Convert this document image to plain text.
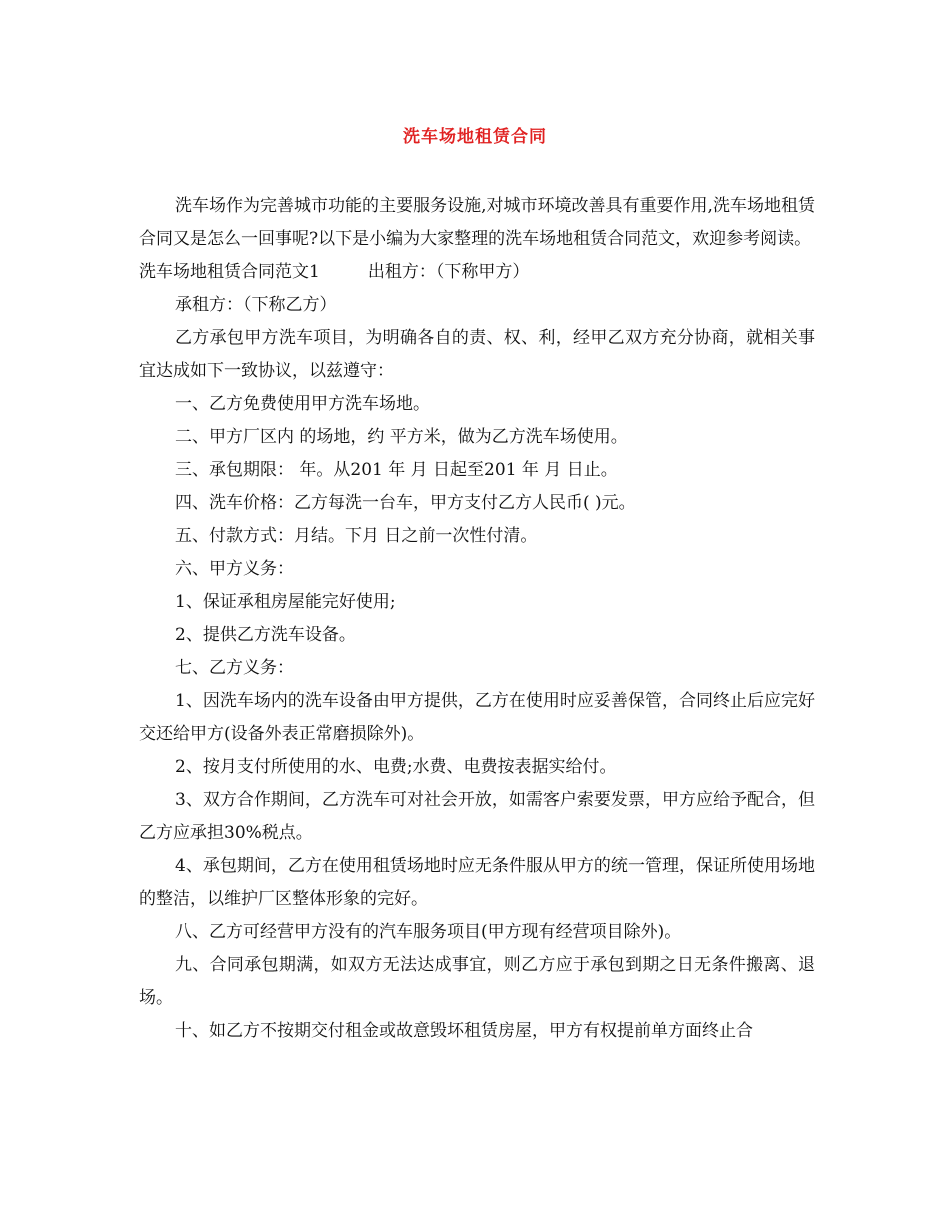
洗车场地租赁合同

洗车场作为完善城市功能的主要服务设施,对城市环境改善具有重要作用,洗车场地租赁合同又是怎么一回事呢?以下是小编为大家整理的洗车场地租赁合同范文，欢迎参考阅读。

洗车场地租赁合同范文1	出租方：（下称甲方）

承租方：（下称乙方）

乙方承包甲方洗车项目，为明确各自的责、权、利，经甲乙双方充分协商，就相关事宜达成如下一致协议，以兹遵守：

一、乙方免费使用甲方洗车场地。

二、甲方厂区内 的场地，约 平方米，做为乙方洗车场使用。

三、承包期限： 年。从201 年 月 日起至201 年 月 日止。

四、洗车价格：乙方每洗一台车，甲方支付乙方人民币( )元。

五、付款方式：月结。下月 日之前一次性付清。

六、甲方义务：

1、保证承租房屋能完好使用;

2、提供乙方洗车设备。

七、乙方义务：

1、因洗车场内的洗车设备由甲方提供，乙方在使用时应妥善保管，合同终止后应完好交还给甲方(设备外表正常磨损除外)。

2、按月支付所使用的水、电费;水费、电费按表据实给付。

3、双方合作期间，乙方洗车可对社会开放，如需客户索要发票，甲方应给予配合，但乙方应承担30%税点。

4、承包期间，乙方在使用租赁场地时应无条件服从甲方的统一管理，保证所使用场地的整洁，以维护厂区整体形象的完好。

八、乙方可经营甲方没有的汽车服务项目(甲方现有经营项目除外)。

九、合同承包期满，如双方无法达成事宜，则乙方应于承包到期之日无条件搬离、退场。

十、如乙方不按期交付租金或故意毁坏租赁房屋，甲方有权提前单方面终止合
